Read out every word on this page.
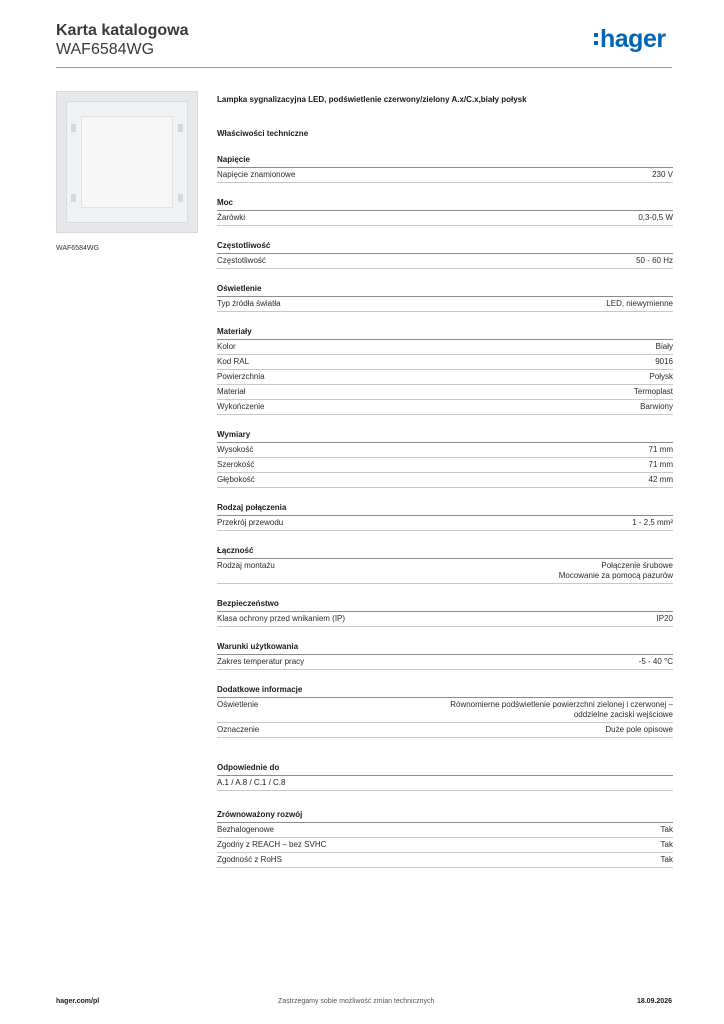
Karta katalogowa
WAF6584WG	hager
WAF6584WG
Lampka sygnalizacyjna LED, podświetlenie czerwony/zielony A.x/C.x,biały połysk
Właściwości techniczne
Napięcie
Napięcie znamionowe	230 V
Moc
Żarówki	0,3-0,5 W
Częstotliwość
Częstotliwość	50 - 60 Hz
Oświetlenie
Typ źródła światła	LED, niewymienne
Materiały
Kolor	Biały
Kod RAL	9016
Powierzchnia	Połysk
Materiał	Termoplast
Wykończenie	Barwiony
Wymiary
Wysokość	71 mm
Szerokość	71 mm
Głębokość	42 mm
Rodzaj połączenia
Przekrój przewodu	1 - 2,5 mm²
Łączność
Rodzaj montażu	Połączenie śrubowe
Mocowanie za pomocą pazurów
Bezpieczeństwo
Klasa ochrony przed wnikaniem (IP)	IP20
Warunki użytkowania
Zakres temperatur pracy	-5 - 40 °C
Dodatkowe informacje
Oświetlenie	Równomierne podświetlenie powierzchni zielonej i czerwonej –
oddzielne zaciski wejściowe
Oznaczenie	Duże pole opisowe
Odpowiednie do
A.1 / A.8 / C.1 / C.8
Zrównoważony rozwój
Bezhalogenowe	Tak
Zgodny z REACH – bez SVHC	Tak
Zgodność z RoHS	Tak
hager.com/pl	Zastrzegamy sobie możliwość zmian technicznych	18.09.2026
